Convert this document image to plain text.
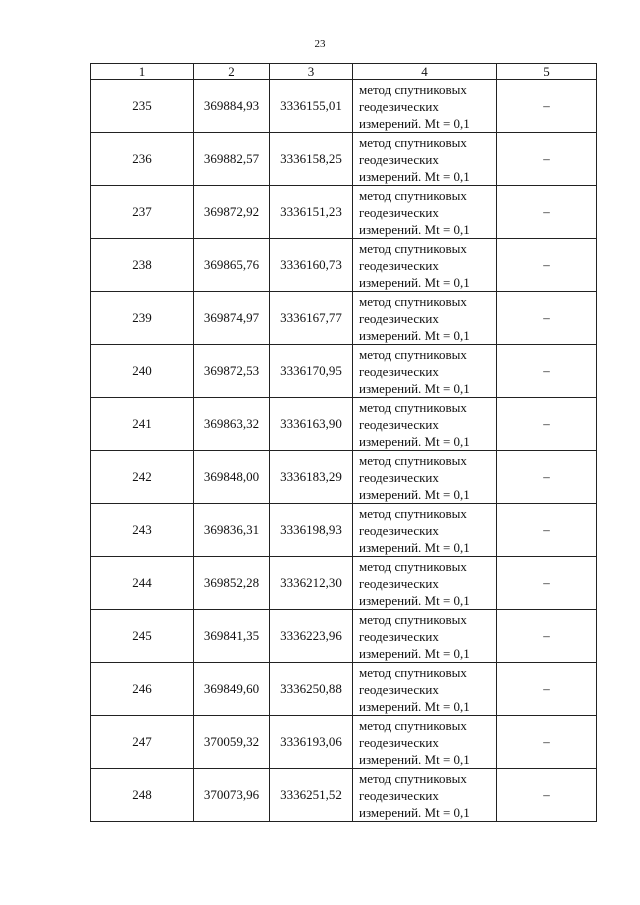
23
1	2	3	4	5
235	369884,93	3336155,01	метод спутниковых
геодезических
измерений. Mt = 0,1	–
236	369882,57	3336158,25	метод спутниковых
геодезических
измерений. Mt = 0,1	–
237	369872,92	3336151,23	метод спутниковых
геодезических
измерений. Mt = 0,1	–
238	369865,76	3336160,73	метод спутниковых
геодезических
измерений. Mt = 0,1	–
239	369874,97	3336167,77	метод спутниковых
геодезических
измерений. Mt = 0,1	–
240	369872,53	3336170,95	метод спутниковых
геодезических
измерений. Mt = 0,1	–
241	369863,32	3336163,90	метод спутниковых
геодезических
измерений. Mt = 0,1	–
242	369848,00	3336183,29	метод спутниковых
геодезических
измерений. Mt = 0,1	–
243	369836,31	3336198,93	метод спутниковых
геодезических
измерений. Mt = 0,1	–
244	369852,28	3336212,30	метод спутниковых
геодезических
измерений. Mt = 0,1	–
245	369841,35	3336223,96	метод спутниковых
геодезических
измерений. Mt = 0,1	–
246	369849,60	3336250,88	метод спутниковых
геодезических
измерений. Mt = 0,1	–
247	370059,32	3336193,06	метод спутниковых
геодезических
измерений. Mt = 0,1	–
248	370073,96	3336251,52	метод спутниковых
геодезических
измерений. Mt = 0,1	–
